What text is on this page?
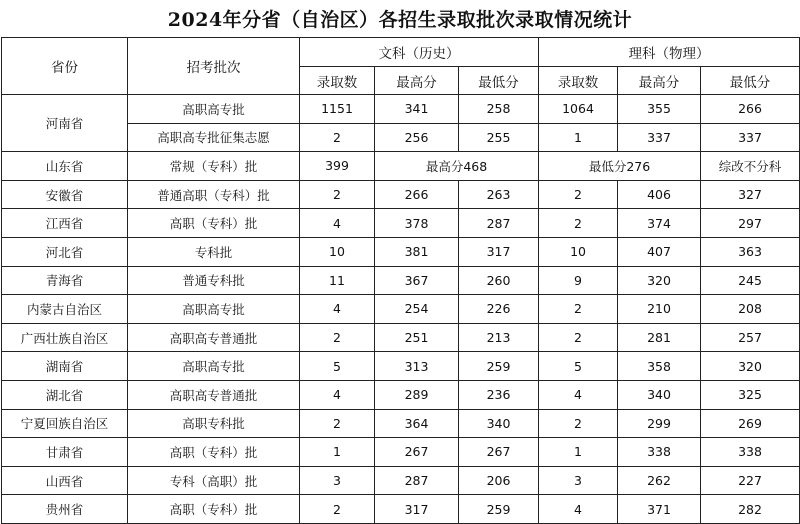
2024年分省（自治区）各招生录取批次录取情况统计
省份	招考批次	文科（历史）			理科（物理）		
		录取数	最高分	最低分	录取数	最高分	最低分
河南省	高职高专批	1151	341	258	1064	355	266
	高职高专批征集志愿	2	256	255	1	337	337
山东省	常规（专科）批	399	最高分468		最低分276		综改不分科
安徽省	普通高职（专科）批	2	266	263	2	406	327
江西省	高职（专科）批	4	378	287	2	374	297
河北省	专科批	10	381	317	10	407	363
青海省	普通专科批	11	367	260	9	320	245
内蒙古自治区	高职高专批	4	254	226	2	210	208
广西壮族自治区	高职高专普通批	2	251	213	2	281	257
湖南省	高职高专批	5	313	259	5	358	320
湖北省	高职高专普通批	4	289	236	4	340	325
宁夏回族自治区	高职专科批	2	364	340	2	299	269
甘肃省	高职（专科）批	1	267	267	1	338	338
山西省	专科（高职）批	3	287	206	3	262	227
贵州省	高职（专科）批	2	317	259	4	371	282
